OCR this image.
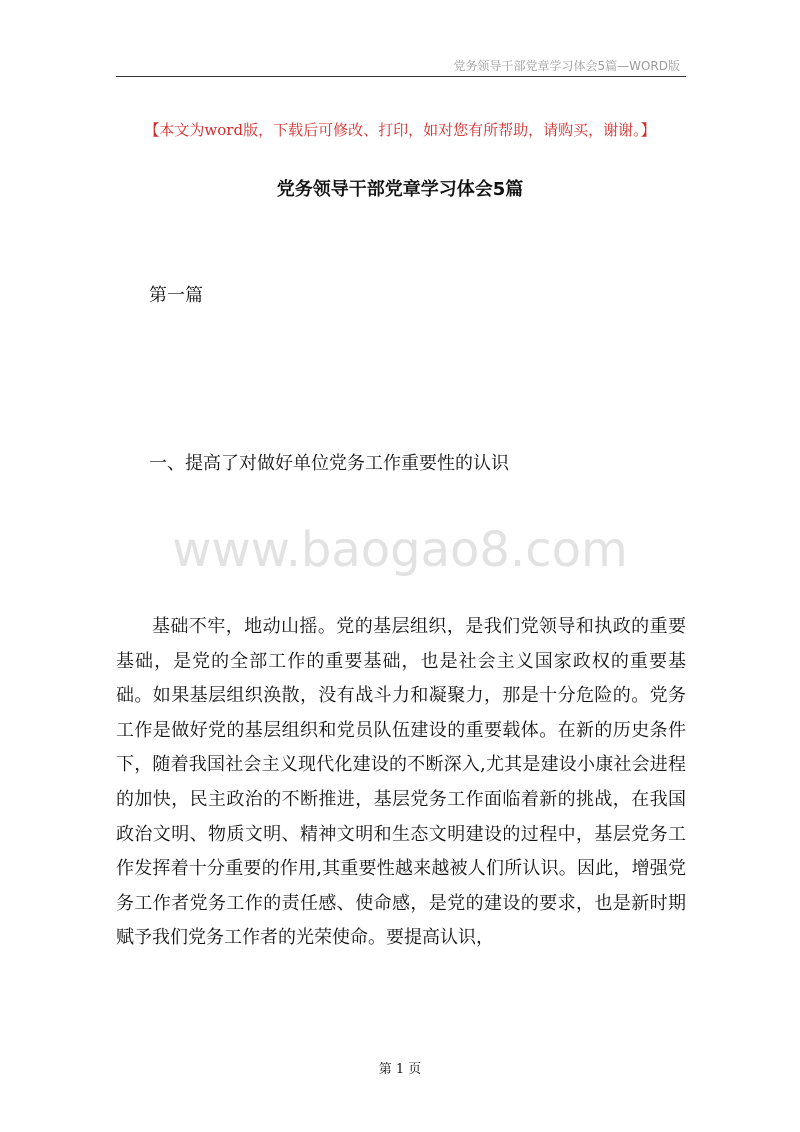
党务领导干部党章学习体会5篇—WORD版
【本文为word版，下载后可修改、打印，如对您有所帮助，请购买，谢谢。】
党务领导干部党章学习体会5篇
第一篇
一、提高了对做好单位党务工作重要性的认识
www.baogao8.com

基础不牢，地动山摇。党的基层组织，是我们党领导和执政的重要基础，是党的全部工作的重要基础，也是社会主义国家政权的重要基础。如果基层组织涣散，没有战斗力和凝聚力，那是十分危险的。党务工作是做好党的基层组织和党员队伍建设的重要载体。在新的历史条件下，随着我国社会主义现代化建设的不断深入,尤其是建设小康社会进程的加快，民主政治的不断推进，基层党务工作面临着新的挑战，在我国政治文明、物质文明、精神文明和生态文明建设的过程中，基层党务工作发挥着十分重要的作用,其重要性越来越被人们所认识。因此，增强党务工作者党务工作的责任感、使命感，是党的建设的要求，也是新时期赋予我们党务工作者的光荣使命。要提高认识，

第 1 页
